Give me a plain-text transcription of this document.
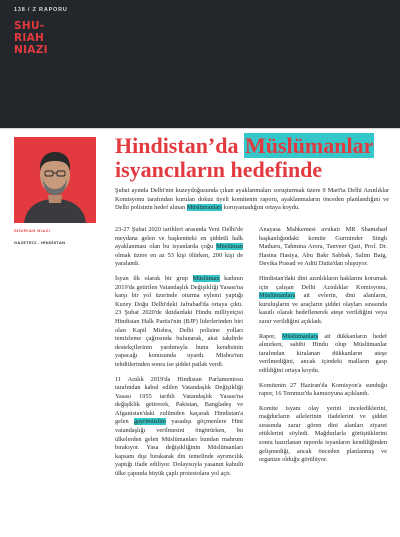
138 / Z RAPORU
SHU-
RIAH
NIAZI
SHURIAH NIAZI
GAZETECİ - HİNDİSTAN
Hindistan’da Müslümanlar isyancıların hedefinde

Şubat ayında Delhi'nin kuzeydoğusunda çıkan ayaklanmaları soruşturmak üzere 9 Mart'ta Delhi Azınlıklar Komisyonu tarafından kurulan dokuz üyeli komitenin raporu, ayaklanmaların önceden planlandığını ve Delhi polisinin hedef alınan Müslümanları koruyamadığını ortaya koydu.

23-27 Şubat 2020 tarihleri arasında Yeni Delhi'de meydana gelen ve başkentteki en şiddetli halk ayaklanması olan bu isyanlarda çoğu Müslüman olmak üzere en az 53 kişi ölürken, 200 kişi de yaralandı.

İsyan ilk olarak bir grup Müslüman kadının 2019'da getirilen Vatandaşlık Değişikliği Yasası'na karşı bir yol üzerinde oturma eylemi yaptığı Kuzey Doğu Delhi'deki Jafrabad'da ortaya çıktı. 23 Şubat 2020'de iktidardaki Hindu milliyetçisi Hindistan Halk Partisi'nin (BJP) liderlerinden biri olan Kapil Mishra, Delhi polisine yolları temizleme çağrısında bulunarak, aksi takdirde destekçilerinin yardımıyla bunu kendisinin yapacağı konusunda uyardı. Mishra'nın tehditlerinden sonra ise şiddet patlak verdi.

11 Aralık 2019'da Hindistan Parlamentosu tarafından kabul edilen Vatandaşlık Değişikliği Yasası 1955 tarihli Vatandaşlık Yasası'na değişiklik getirerek, Pakistan, Bangladeş ve Afganistan'daki zulümden kaçarak Hindistan'a gelen gayrimüslim yasadışı göçmenlere Hint vatandaşlığı verilmesini öngörürken, bu ülkelerden gelen Müslümanları bundan mahrum bırakıyor. Yasa değişikliğinin Müslümanları kapsam dışı bırakarak din temelinde ayrımcılık yaptığı ifade ediliyor. Dolayısıyla yasanın kabulü ülke çapında büyük çaplı protestolara yol açtı.

Anayasa Mahkemesi avukatı MR Shamshad başkanlığındaki komite Gurminder Singh Matharu, Tahmina Arora, Tanveer Qazi, Prof. Dr. Hasina Hasiya, Abu Bakr Sabbak, Salim Baig, Devika Prasad ve Aditi Dutta'dan oluşuyor.

Hindistan'daki dini azınlıkların haklarını korumak için çalışan Delhi Azınlıklar Komisyonu, Müslümanlara ait evlerin, dini alanların, kuruluşların ve araçların şiddet olayları sırasında kasıtlı olarak hedeflenerek ateşe verildiğini veya zarar verildiğini açıkladı.

Rapor, Müslümanlara ait dükkanların hedef alınırken, sahibi Hindu olup Müslümanlar tarafından kiralanan dükkanların ateşe verilmediğini, ancak içindeki malların gasp edildiğini ortaya koydu.

Komitenin 27 Haziran'da Komisyon'a sunduğu rapor, 16 Temmuz'da kamuoyuna açıklandı.

Komite isyanı olay yerini incelediklerini, mağdurların ailelerinin ifadelerini ve şiddet sırasında zarar gören dini alanları ziyaret ettiklerini söyledi. Mağdurlarla görüştüklerini sonra hazırlanan raporda isyanların kendiliğinden gelişmediği, ancak önceden planlanmış ve organize olduğu görülüyor.
